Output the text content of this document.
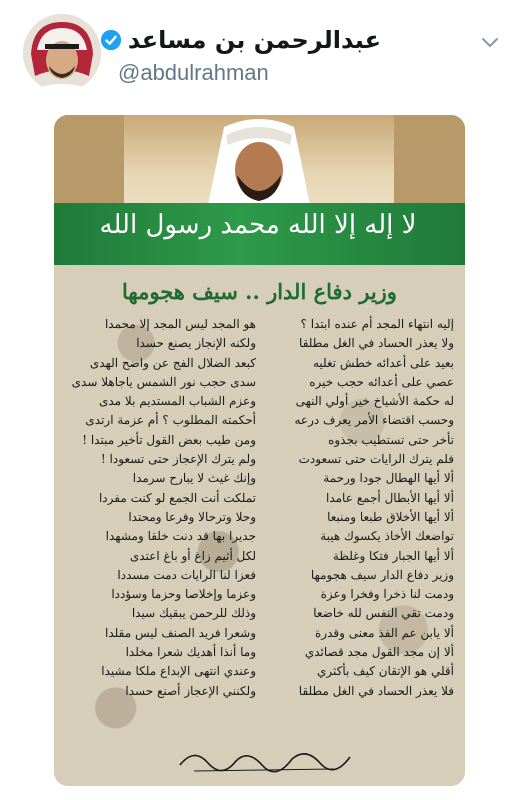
عبدالرحمن بن مساعد
@abdulrahman
لا إله إلا الله محمد رسول الله
وزير دفاع الدار .. سيف هجومها
إليه انتهاء المجد أم عنده ابتدا ؟
هو المجد ليس المجد إلا محمدا
ولا يعذر الحساد في الغل مطلقا
ولكنه الإنجاز يصنع حسدا
بعيد على أعدائه خطش تغليه
كبعد الضلال الفج عن واضح الهدى
عصي على أعدائه حجب خيره
سدى حجب نور الشمس ياجاهلا سدى
له حكمة الأشياخ خير أولي النهى
وعزم الشباب المستديم بلا مدى
وحسب اقتضاء الأمر يعرف درعه
أحكمته المطلوب ؟ أم عزمة ارتدى
تأخر حتى تستطيب بجذوه
ومن طيب بعض القول تأخير مبتدا !
فلم يترك الرايات حتى تسعودت
ولم يترك الإعجاز حتى تسعودا !
ألا أيها الهطال جودا ورحمة
وإنك غيث لا يبارح سرمدا
ألا أيها الأبطال أجمع عامدا
تملكت أنت الجمع لو كنت مفردا
ألا أيها الأخلاق طبعا ومنبعا
وحلا وترحالا وفرعا ومحتدا
تواضعك الأخاذ يكسوك هيبة
جديرا بها قد دنت خلقا ومشهدا
ألا أيها الجبار فتكا وغلظة
لكل أثيم زاغ أو باغ اعتدى
وزير دفاع الدار سيف هجومها
فعزا لنا الرايات دمت مسددا
ودمت لنا ذخرا وفخرا وعزة
وعزما وإخلاصا وحزما وسؤددا
ودمت تقي النفس لله خاضعا
وذلك للرحمن يبقيك سيدا
ألا يابن عم الفذ معنى وقدرة
وشعرا فريد الصنف ليس مقلدا
ألا إن مجد القول مجد قصائدي
وما أنذا أهديك شعرا مخلدا
أقلي هو الإتقان كيف بأكثري
وعندي انتهى الإبداع ملكا مشيدا
فلا يعذر الحساد في الغل مطلقا
ولكنني الإعجاز أصنع حسدا
